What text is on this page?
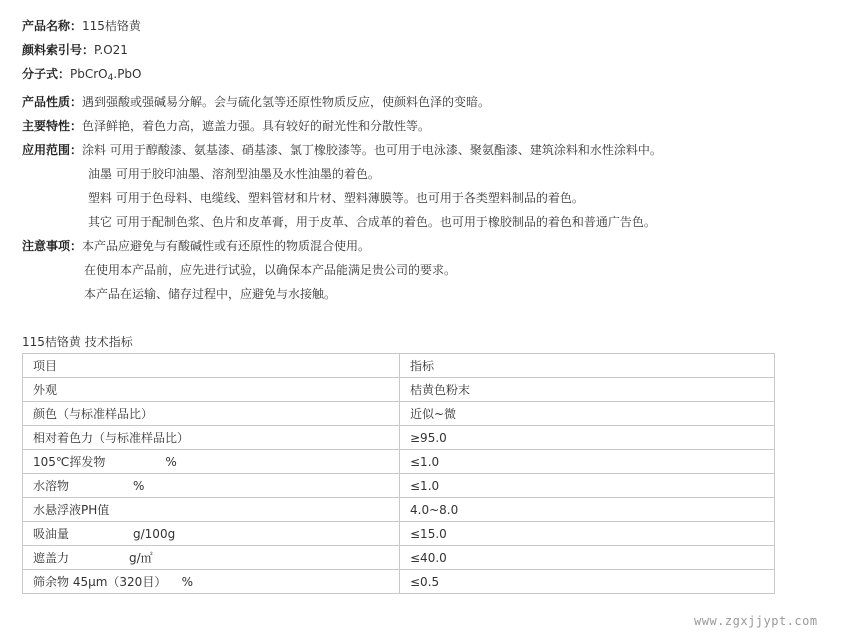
产品名称：115桔铬黄
颜料索引号：P.O21
分子式：PbCrO$_4$.PbO
产品性质：遇到强酸或强碱易分解。会与硫化氢等还原性物质反应，使颜料色泽的变暗。
主要特性：色泽鲜艳，着色力高，遮盖力强。具有较好的耐光性和分散性等。
应用范围：涂料 可用于醇酸漆、氨基漆、硝基漆、氯丁橡胶漆等。也可用于电泳漆、聚氨酯漆、建筑涂料和水性涂料中。
油墨 可用于胶印油墨、溶剂型油墨及水性油墨的着色。
塑料 可用于色母料、电缆线、塑料管材和片材、塑料薄膜等。也可用于各类塑料制品的着色。
其它 可用于配制色浆、色片和皮革膏，用于皮革、合成革的着色。也可用于橡胶制品的着色和普通广告色。
注意事项：本产品应避免与有酸碱性或有还原性的物质混合使用。
在使用本产品前，应先进行试验，以确保本产品能满足贵公司的要求。
本产品在运输、储存过程中，应避免与水接触。
115桔铬黄 技术指标
项目	指标
外观	桔黄色粉末
颜色（与标准样品比）	近似~微
相对着色力（与标准样品比）	≥95.0
105℃挥发物 %	≤1.0
水溶物 %	≤1.0
水悬浮液PH值	4.0~8.0
吸油量 g/100g	≤15.0
遮盖力 g/㎡	≤40.0
筛余物 45μm（320目） %	≤0.5
www.zgxjjypt.com
